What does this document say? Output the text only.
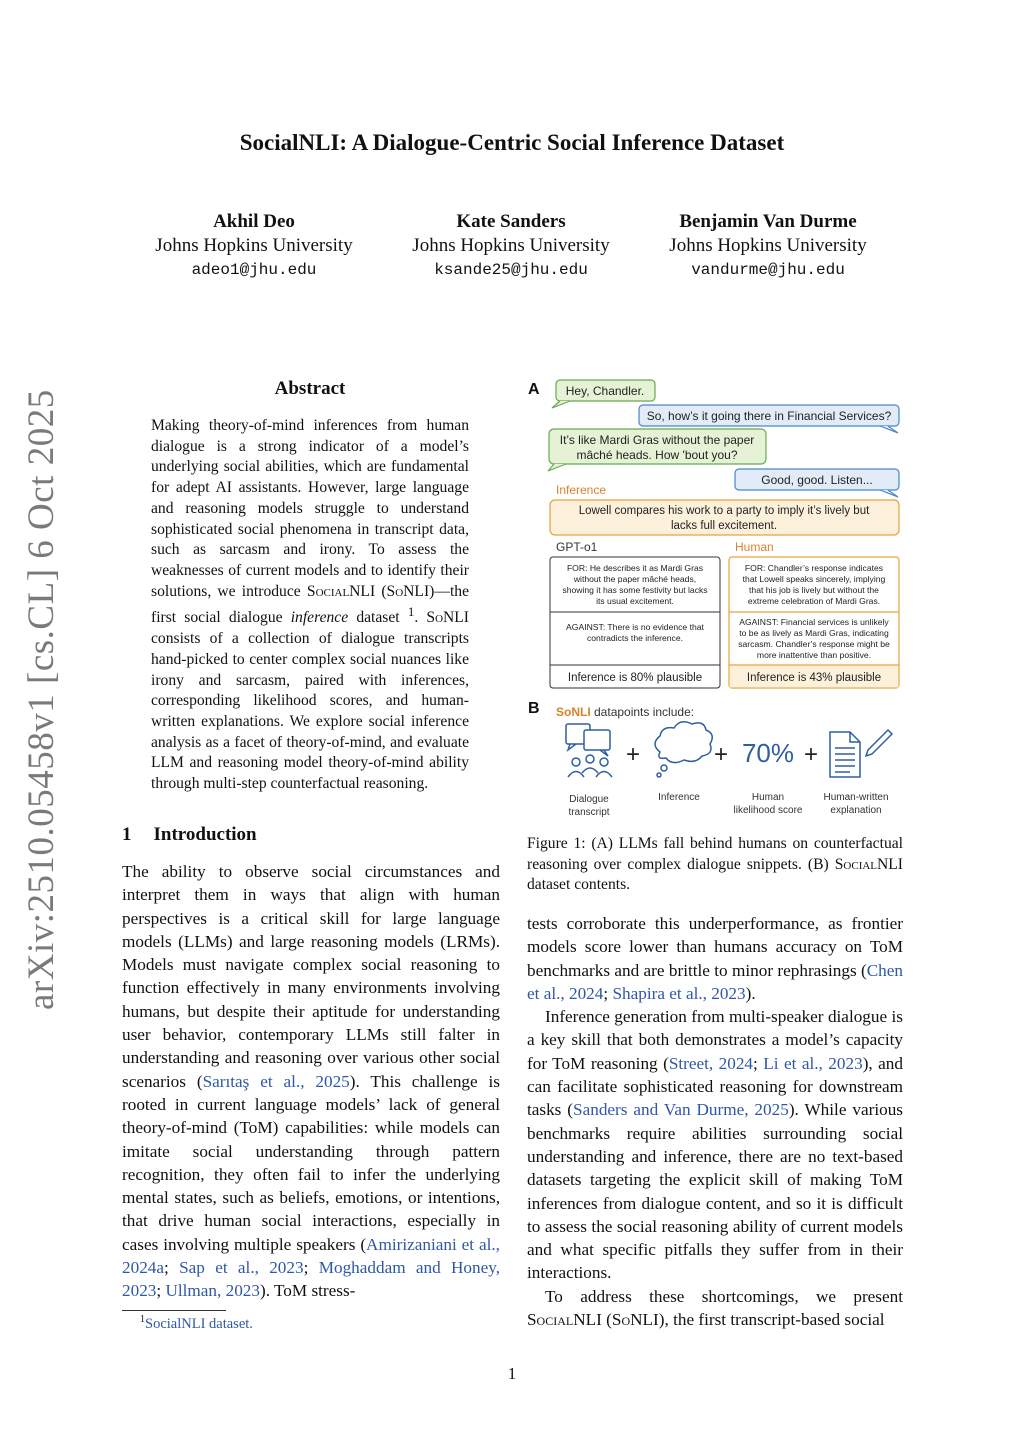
SocialNLI: A Dialogue-Centric Social Inference Dataset
Akhil Deo
Johns Hopkins University
adeo1@jhu.edu
Kate Sanders
Johns Hopkins University
ksande25@jhu.edu
Benjamin Van Durme
Johns Hopkins University
vandurme@jhu.edu
arXiv:2510.05458v1 [cs.CL] 6 Oct 2025
Abstract
Making theory-of-mind inferences from human dialogue is a strong indicator of a model’s underlying social abilities, which are fundamental for adept AI assistants. However, large language and reasoning models struggle to understand sophisticated social phenomena in transcript data, such as sarcasm and irony. To assess the weaknesses of current models and to identify their solutions, we introduce SocialNLI (SoNLI)—the first social dialogue inference dataset $^1$. SoNLI consists of a collection of dialogue transcripts hand-picked to center complex social nuances like irony and sarcasm, paired with inferences, corresponding likelihood scores, and human-written explanations. We explore social inference analysis as a facet of theory-of-mind, and evaluate LLM and reasoning model theory-of-mind ability through multi-step counterfactual reasoning.
1 Introduction

The ability to observe social circumstances and interpret them in ways that align with human perspectives is a critical skill for large language models (LLMs) and large reasoning models (LRMs). Models must navigate complex social reasoning to function effectively in many environments involving humans, but despite their aptitude for understanding user behavior, contemporary LLMs still falter in understanding and reasoning over various other social scenarios (Sarıtaş et al., 2025). This challenge is rooted in current language models’ lack of general theory-of-mind (ToM) capabilities: while models can imitate social understanding through pattern recognition, they often fail to infer the underlying mental states, such as beliefs, emotions, or intentions, that drive human social interactions, especially in cases involving multiple speakers (Amirizaniani et al., 2024a; Sap et al., 2023; Moghaddam and Honey, 2023; Ullman, 2023). ToM stress-

$^1$SocialNLI dataset.
A Hey, Chandler.
So, how’s it going there in Financial Services?
It’s like Mardi Gras without the paper
mâché heads. How 'bout you?
Good, good. Listen...
Inference
Lowell compares his work to a party to imply it’s lively but
lacks full excitement.
GPT-o1
FOR: He describes it as Mardi Gras
without the paper mâché heads,
showing it has some festivity but lacks
its usual excitement.
AGAINST: There is no evidence that
contradicts the inference.
Inference is 80% plausible
Human
FOR: Chandler’s response indicates
that Lowell speaks sincerely, implying
that his job is lively but without the
extreme celebration of Mardi Gras.
AGAINST: Financial services is unlikely
to be as lively as Mardi Gras, indicating
sarcasm. Chandler’s response might be
more inattentive than positive.
Inference is 43% plausible
B SoNLI datapoints include:
Dialogue
transcript
+
Inference
+ 70%
Human
likelihood score
+
Human-written
explanation
Figure 1: (A) LLMs fall behind humans on counterfactual reasoning over complex dialogue snippets. (B) SocialNLI dataset contents.

tests corroborate this underperformance, as frontier models score lower than humans accuracy on ToM benchmarks and are brittle to minor rephrasings (Chen et al., 2024; Shapira et al., 2023).

Inference generation from multi-speaker dialogue is a key skill that both demonstrates a model’s capacity for ToM reasoning (Street, 2024; Li et al., 2023), and can facilitate sophisticated reasoning for downstream tasks (Sanders and Van Durme, 2025). While various benchmarks require abilities surrounding social understanding and inference, there are no text-based datasets targeting the explicit skill of making ToM inferences from dialogue content, and so it is difficult to assess the social reasoning ability of current models and what specific pitfalls they suffer from in their interactions.

To address these shortcomings, we present SocialNLI (SoNLI), the first transcript-based social

1
